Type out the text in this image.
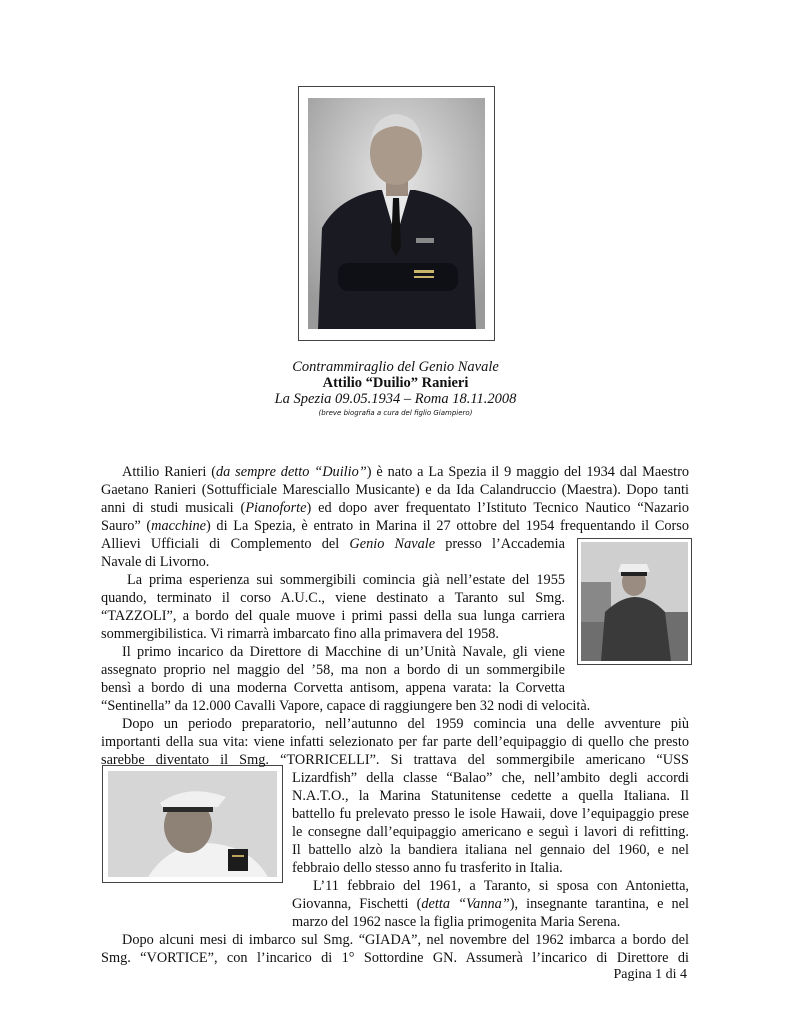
Contrammiraglio del Genio Navale
Attilio “Duilio” Ranieri
La Spezia 09.05.1934 – Roma 18.11.2008
(breve biografia a cura del figlio Giampiero)
Attilio Ranieri (da sempre detto “Duilio”) è nato a La Spezia il 9 maggio del 1934 dal Maestro
Gaetano Ranieri (Sottufficiale Maresciallo Musicante) e da Ida Calandruccio (Maestra). Dopo tanti
anni di studi musicali (Pianoforte) ed dopo aver frequentato l’Istituto Tecnico Nautico “Nazario
Sauro” (macchine) di La Spezia, è entrato in Marina il 27 ottobre del 1954 frequentando il Corso
Allievi Ufficiali di Complemento del Genio Navale presso l’Accademia
Navale di Livorno.
La prima esperienza sui sommergibili comincia già nell’estate del 1955
quando, terminato il corso A.U.C., viene destinato a Taranto sul Smg.
“TAZZOLI”, a bordo del quale muove i primi passi della sua lunga carriera
sommergibilistica. Vi rimarrà imbarcato fino alla primavera del 1958.
Il primo incarico da Direttore di Macchine di un’Unità Navale, gli viene
assegnato proprio nel maggio del ’58, ma non a bordo di un sommergibile
bensì a bordo di una moderna Corvetta antisom, appena varata: la Corvetta
“Sentinella” da 12.000 Cavalli Vapore, capace di raggiungere ben 32 nodi di velocità.
Dopo un periodo preparatorio, nell’autunno del 1959 comincia una delle avventure più
importanti della sua vita: viene infatti selezionato per far parte dell’equipaggio di quello che presto
sarebbe diventato il Smg. “TORRICELLI”. Si trattava del sommergibile americano “USS
Lizardfish” della classe “Balao” che, nell’ambito degli accordi
N.A.T.O., la Marina Statunitense cedette a quella Italiana. Il
battello fu prelevato presso le isole Hawaii, dove l’equipaggio prese
le consegne dall’equipaggio americano e seguì i lavori di refitting.
Il battello alzò la bandiera italiana nel gennaio del 1960, e nel
febbraio dello stesso anno fu trasferito in Italia.
L’11 febbraio del 1961, a Taranto, si sposa con Antonietta,
Giovanna, Fischetti (detta “Vanna”), insegnante tarantina, e nel
marzo del 1962 nasce la figlia primogenita Maria Serena.
Dopo alcuni mesi di imbarco sul Smg. “GIADA”, nel novembre del 1962 imbarca a bordo del
Smg. “VORTICE”, con l’incarico di 1° Sottordine GN. Assumerà l’incarico di Direttore di
Pagina 1 di 4
